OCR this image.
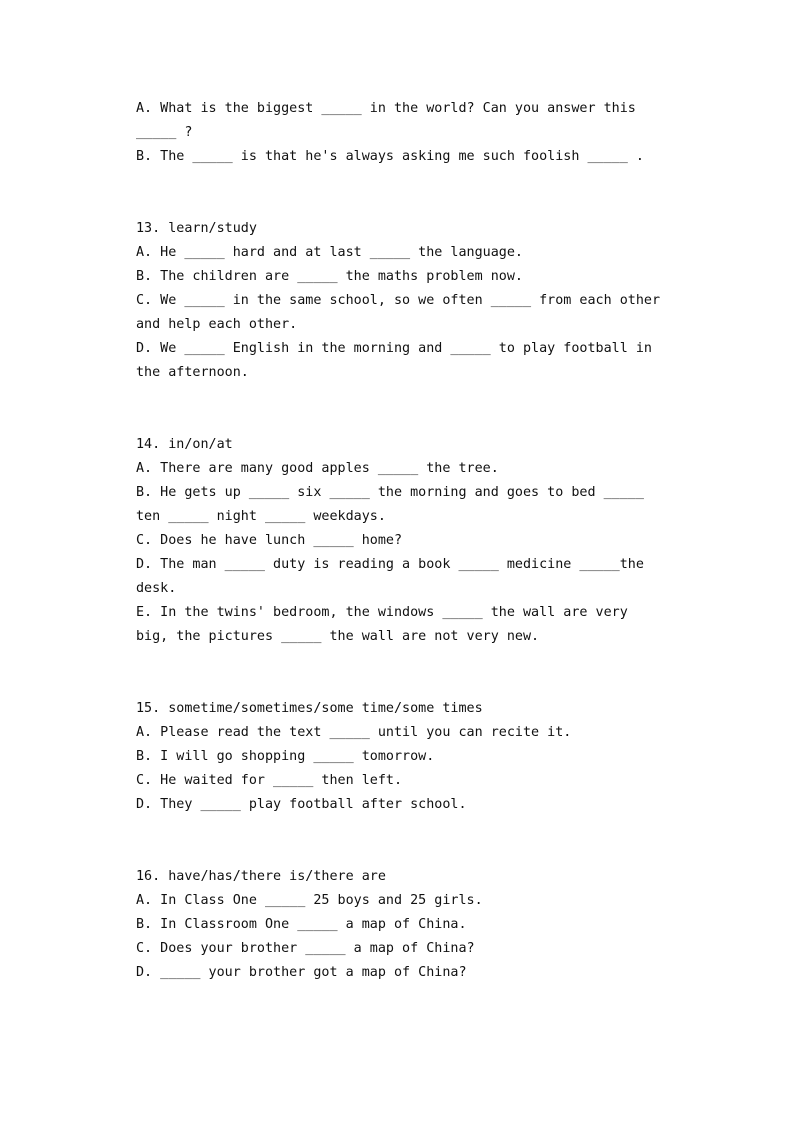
A. What is the biggest _____ in the world? Can you answer this _____ ?
B. The _____ is that he's always asking me such foolish _____ .
13. learn/study
A. He _____ hard and at last _____ the language.
B. The children are _____ the maths problem now.
C. We _____ in the same school, so we often _____ from each other and help each other.
D. We _____ English in the morning and _____ to play football in the afternoon.
14. in/on/at
A. There are many good apples _____ the tree.
B. He gets up _____ six _____ the morning and goes to bed _____ ten _____ night _____ weekdays.
C. Does he have lunch _____ home?
D. The man _____ duty is reading a book _____ medicine _____the desk.
E. In the twins' bedroom, the windows _____ the wall are very big, the pictures _____ the wall are not very new.
15. sometime/sometimes/some time/some times
A. Please read the text _____ until you can recite it.
B. I will go shopping _____ tomorrow.
C. He waited for _____ then left.
D. They _____ play football after school.
16. have/has/there is/there are
A. In Class One _____ 25 boys and 25 girls.
B. In Classroom One _____ a map of China.
C. Does your brother _____ a map of China?
D. _____ your brother got a map of China?
